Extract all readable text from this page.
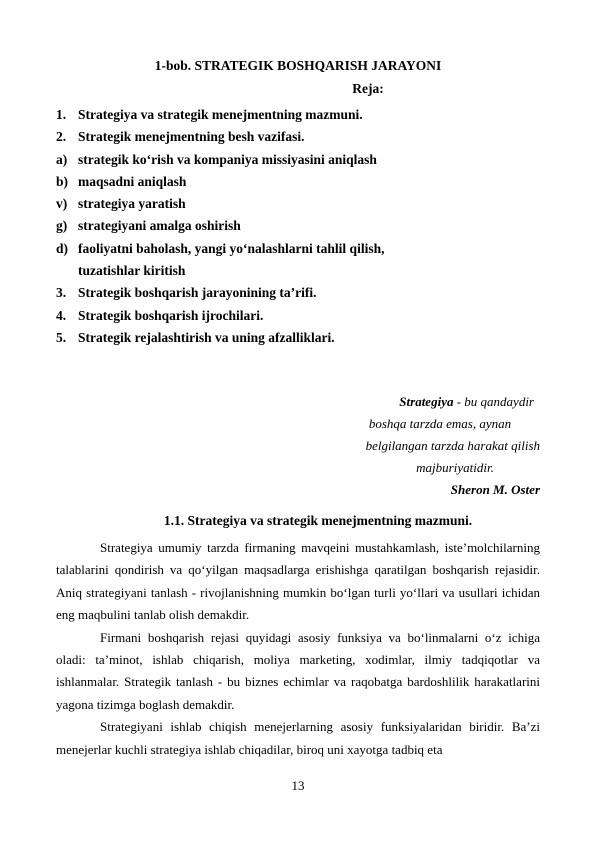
1-bob. STRATEGIK BOSHQARISH JARAYONI
Reja:
1. Strategiya va strategik menejmentning mazmuni.
2. Strategik menejmentning besh vazifasi.
a) strategik ko‘rish va kompaniya missiyasini aniqlash
b) maqsadni aniqlash
v) strategiya yaratish
g) strategiyani amalga oshirish
d) faoliyatni baholash, yangi yo‘nalashlarni tahlil qilish,
tuzatishlar kiritish
3. Strategik boshqarish jarayonining ta’rifi.
4. Strategik boshqarish ijrochilari.
5. Strategik rejalashtirish va uning afzalliklari.
Strategiya - bu qandaydir
boshqa tarzda emas, aynan
belgilangan tarzda harakat qilish
majburiyatidir.
Sheron M. Oster
1.1. Strategiya va strategik menejmentning mazmuni.

Strategiya umumiy tarzda firmaning mavqeini mustahkamlash, iste’molchilarning talablarini qondirish va qo‘yilgan maqsadlarga erishishga qaratilgan boshqarish rejasidir. Aniq strategiyani tanlash - rivojlanishning mumkin bo‘lgan turli yo‘llari va usullari ichidan eng maqbulini tanlab olish demakdir.

Firmani boshqarish rejasi quyidagi asosiy funksiya va bo‘linmalarni o‘z ichiga oladi: ta’minot, ishlab chiqarish, moliya marketing, xodimlar, ilmiy tadqiqotlar va ishlanmalar. Strategik tanlash - bu biznes echimlar va raqobatga bardoshlilik harakatlarini yagona tizimga boglash demakdir.

Strategiyani ishlab chiqish menejerlarning asosiy funksiyalaridan biridir. Ba’zi menejerlar kuchli strategiya ishlab chiqadilar, biroq uni xayotga tadbiq eta

13
